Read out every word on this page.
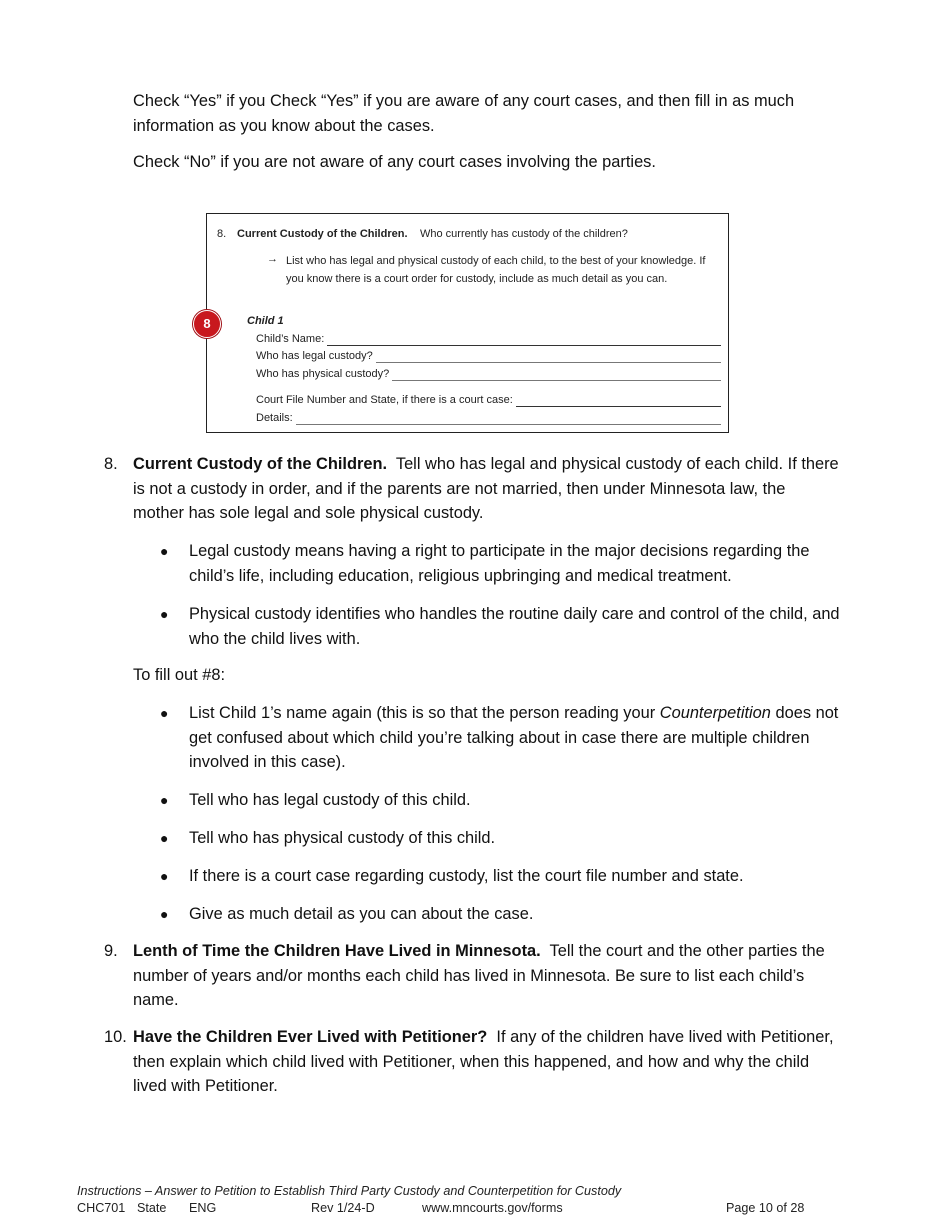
Check “Yes” if you Check “Yes” if you are aware of any court cases, and then fill in as much information as you know about the cases.
Check “No” if you are not aware of any court cases involving the parties.
8. Current Custody of the Children. Who currently has custody of the children?
→ List who has legal and physical custody of each child, to the best of your knowledge. If you know there is a court order for custody, include as much detail as you can.
Child 1
Child’s Name:
Who has legal custody?
Who has physical custody?
Court File Number and State, if there is a court case:
Details:
8
8. Current Custody of the Children. Tell who has legal and physical custody of each child. If there is not a custody in order, and if the parents are not married, then under Minnesota law, the mother has sole legal and sole physical custody.
● Legal custody means having a right to participate in the major decisions regarding the child’s life, including education, religious upbringing and medical treatment.
● Physical custody identifies who handles the routine daily care and control of the child, and who the child lives with.
To fill out #8:
● List Child 1’s name again (this is so that the person reading your Counterpetition does not get confused about which child you’re talking about in case there are multiple children involved in this case).
● Tell who has legal custody of this child.
● Tell who has physical custody of this child.
● If there is a court case regarding custody, list the court file number and state.
● Give as much detail as you can about the case.
9. Lenth of Time the Children Have Lived in Minnesota. Tell the court and the other parties the number of years and/or months each child has lived in Minnesota. Be sure to list each child’s name.
10. Have the Children Ever Lived with Petitioner? If any of the children have lived with Petitioner, then explain which child lived with Petitioner, when this happened, and how and why the child lived with Petitioner.
Instructions – Answer to Petition to Establish Third Party Custody and Counterpetition for Custody
CHC701 State ENG	Rev 1/24-D	www.mncourts.gov/forms	Page 10 of 28
